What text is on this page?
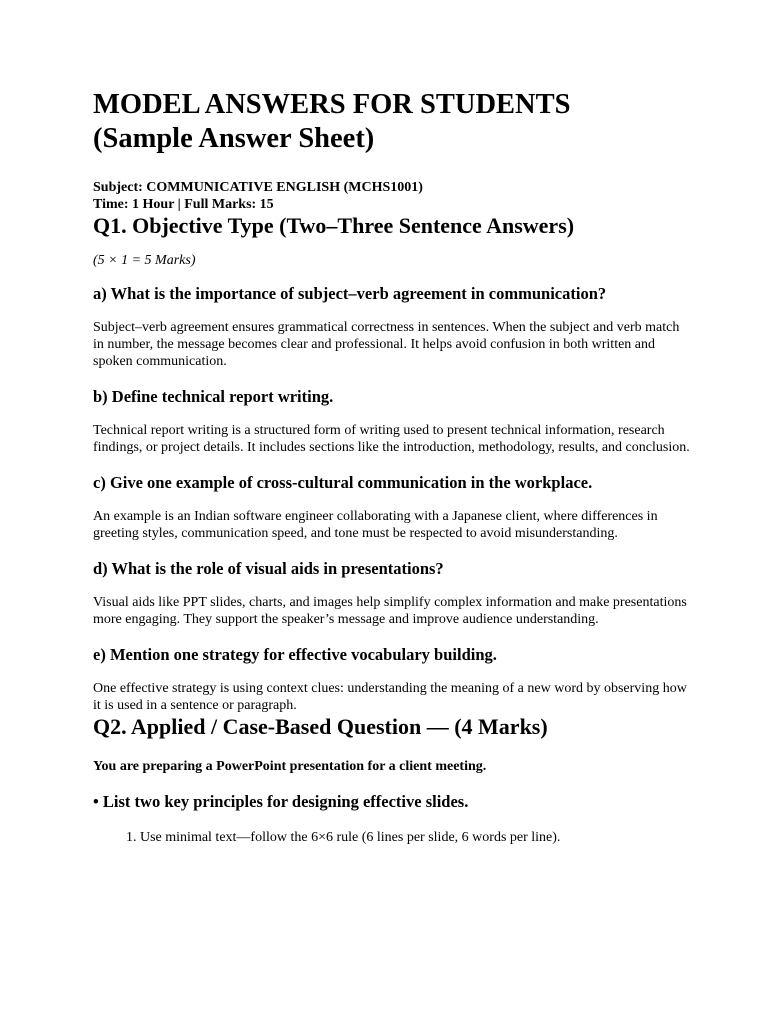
MODEL ANSWERS FOR STUDENTS
(Sample Answer Sheet)
Subject: COMMUNICATIVE ENGLISH (MCHS1001)
Time: 1 Hour | Full Marks: 15
Q1. Objective Type (Two–Three Sentence Answers)
(5 × 1 = 5 Marks)
a) What is the importance of subject–verb agreement in communication?

Subject–verb agreement ensures grammatical correctness in sentences. When the subject and verb match in number, the message becomes clear and professional. It helps avoid confusion in both written and spoken communication.

b) Define technical report writing.

Technical report writing is a structured form of writing used to present technical information, research findings, or project details. It includes sections like the introduction, methodology, results, and conclusion.

c) Give one example of cross-cultural communication in the workplace.

An example is an Indian software engineer collaborating with a Japanese client, where differences in greeting styles, communication speed, and tone must be respected to avoid misunderstanding.

d) What is the role of visual aids in presentations?

Visual aids like PPT slides, charts, and images help simplify complex information and make presentations more engaging. They support the speaker’s message and improve audience understanding.

e) Mention one strategy for effective vocabulary building.

One effective strategy is using context clues: understanding the meaning of a new word by observing how it is used in a sentence or paragraph.

Q2. Applied / Case-Based Question — (4 Marks)
You are preparing a PowerPoint presentation for a client meeting.
• List two key principles for designing effective slides.
1. Use minimal text—follow the 6×6 rule (6 lines per slide, 6 words per line).
